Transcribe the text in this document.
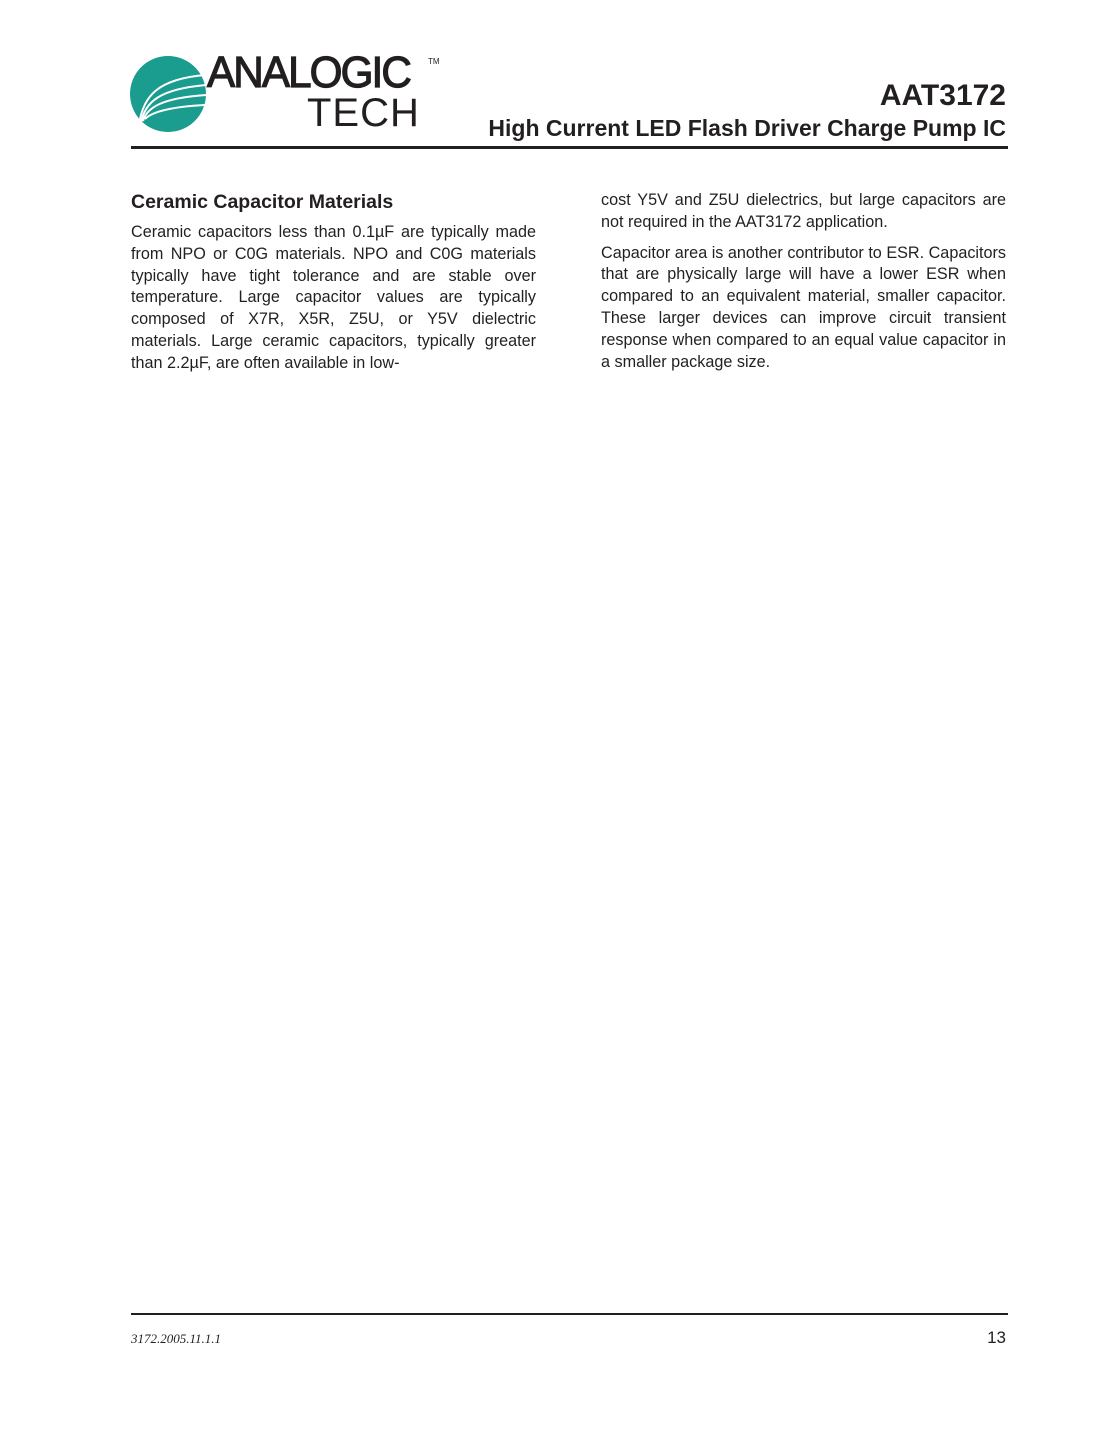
ANALOGIC TM
TECH	AAT3172
High Current LED Flash Driver Charge Pump IC
Ceramic Capacitor Materials

Ceramic capacitors less than 0.1µF are typically made from NPO or C0G materials. NPO and C0G materials typically have tight tolerance and are stable over temperature. Large capacitor values are typically composed of X7R, X5R, Z5U, or Y5V dielectric materials. Large ceramic capacitors, typically greater than 2.2µF, are often available in low-

cost Y5V and Z5U dielectrics, but large capacitors are not required in the AAT3172 application.

Capacitor area is another contributor to ESR. Capacitors that are physically large will have a lower ESR when compared to an equivalent material, smaller capacitor. These larger devices can improve circuit transient response when compared to an equal value capacitor in a smaller package size.

3172.2005.11.1.1	13
